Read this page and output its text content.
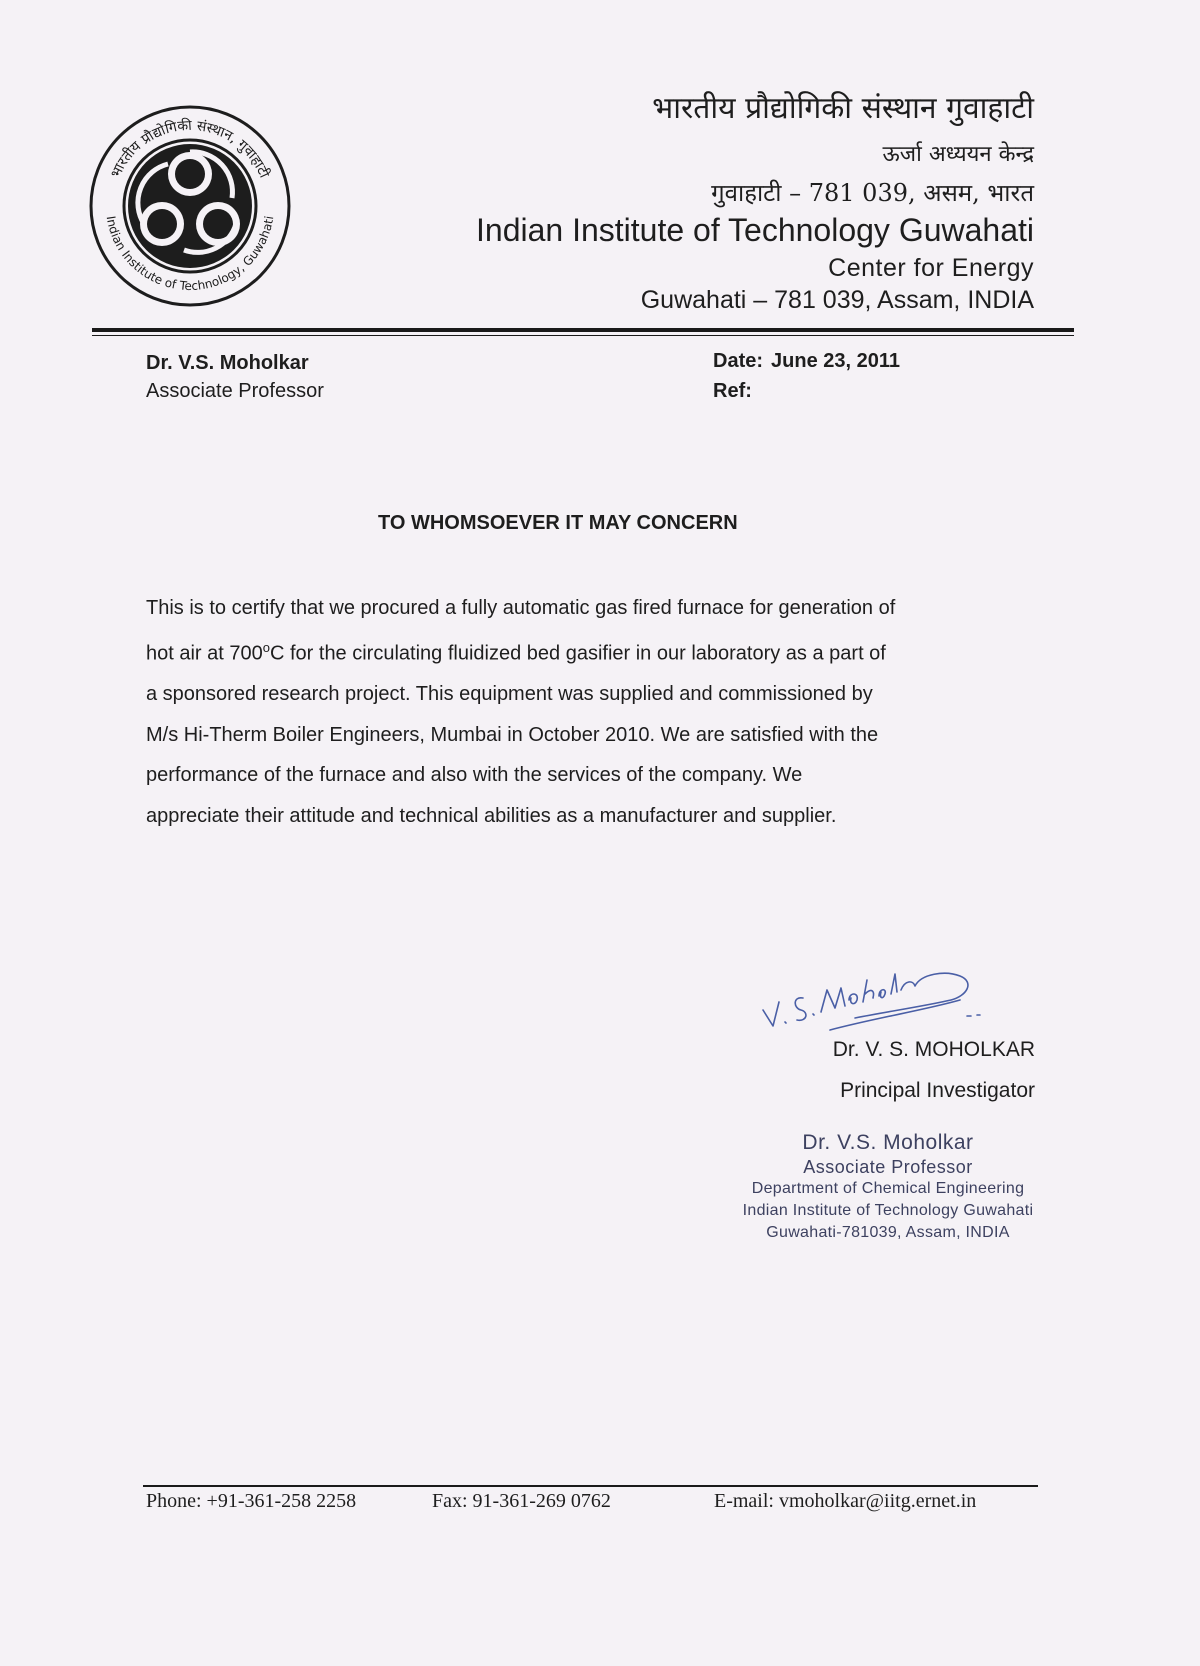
भारतीय प्रौद्योगिकी संस्थान, गुवाहाटी
Indian Institute of Technology, Guwahati
भारतीय प्रौद्योगिकी संस्थान गुवाहाटी
ऊर्जा अध्ययन केन्द्र
गुवाहाटी – 781 039, असम, भारत
Indian Institute of Technology Guwahati
Center for Energy
Guwahati – 781 039, Assam, INDIA
Dr. V.S. Moholkar
Associate Professor
Date: June 23, 2011
Ref:
TO WHOMSOEVER IT MAY CONCERN

This is to certify that we procured a fully automatic gas fired furnace for generation of
hot air at 700$^o$C for the circulating fluidized bed gasifier in our laboratory as a part of
a sponsored research project. This equipment was supplied and commissioned by
M/s Hi-Therm Boiler Engineers, Mumbai in October 2010. We are satisfied with the
performance of the furnace and also with the services of the company. We
appreciate their attitude and technical abilities as a manufacturer and supplier.

Dr. V. S. MOHOLKAR
Principal Investigator
Dr. V.S. Moholkar
Associate Professor
Department of Chemical Engineering
Indian Institute of Technology Guwahati
Guwahati-781039, Assam, INDIA
Phone: +91-361-258 2258	Fax: 91-361-269 0762	E-mail: vmoholkar@iitg.ernet.in
